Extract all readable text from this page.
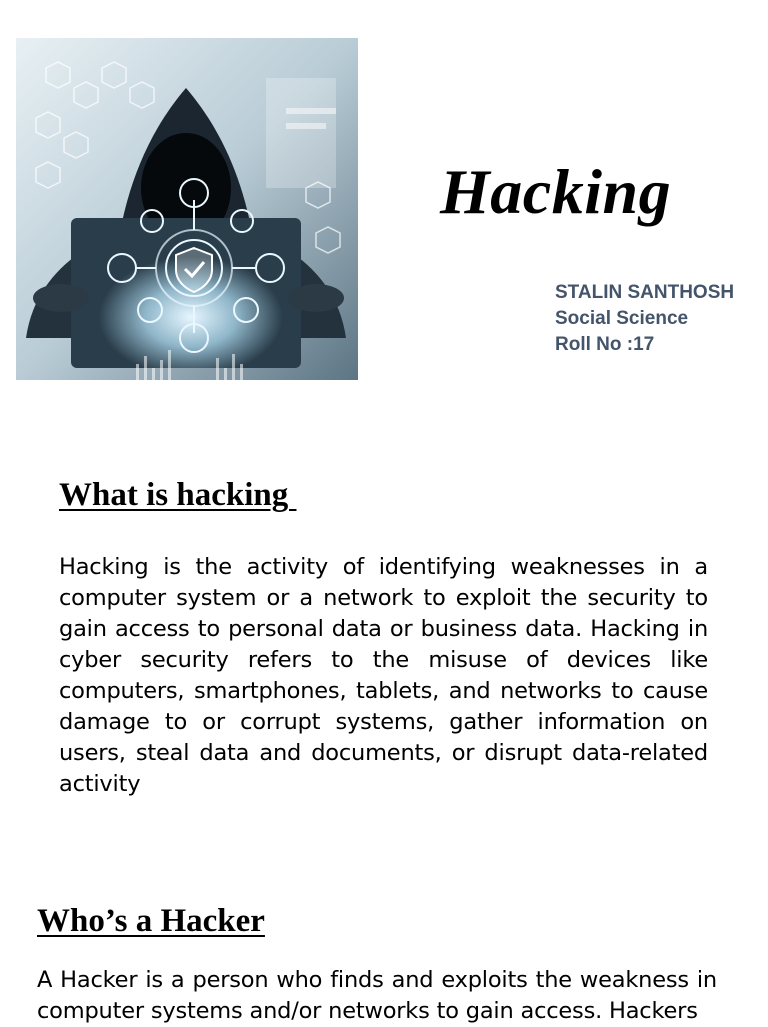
Hacking
STALIN SANTHOSH
Social Science
Roll No :17
What is hacking
Hacking is the activity of identifying weaknesses in a computer system or a network to exploit the security to gain access to personal data or business data. Hacking in cyber security refers to the misuse of devices like computers, smartphones, tablets, and networks to cause damage to or corrupt systems, gather information on users, steal data and documents, or disrupt data-related activity
Who’s a Hacker
A Hacker is a person who finds and exploits the weakness in computer systems and/or networks to gain access. Hackers
